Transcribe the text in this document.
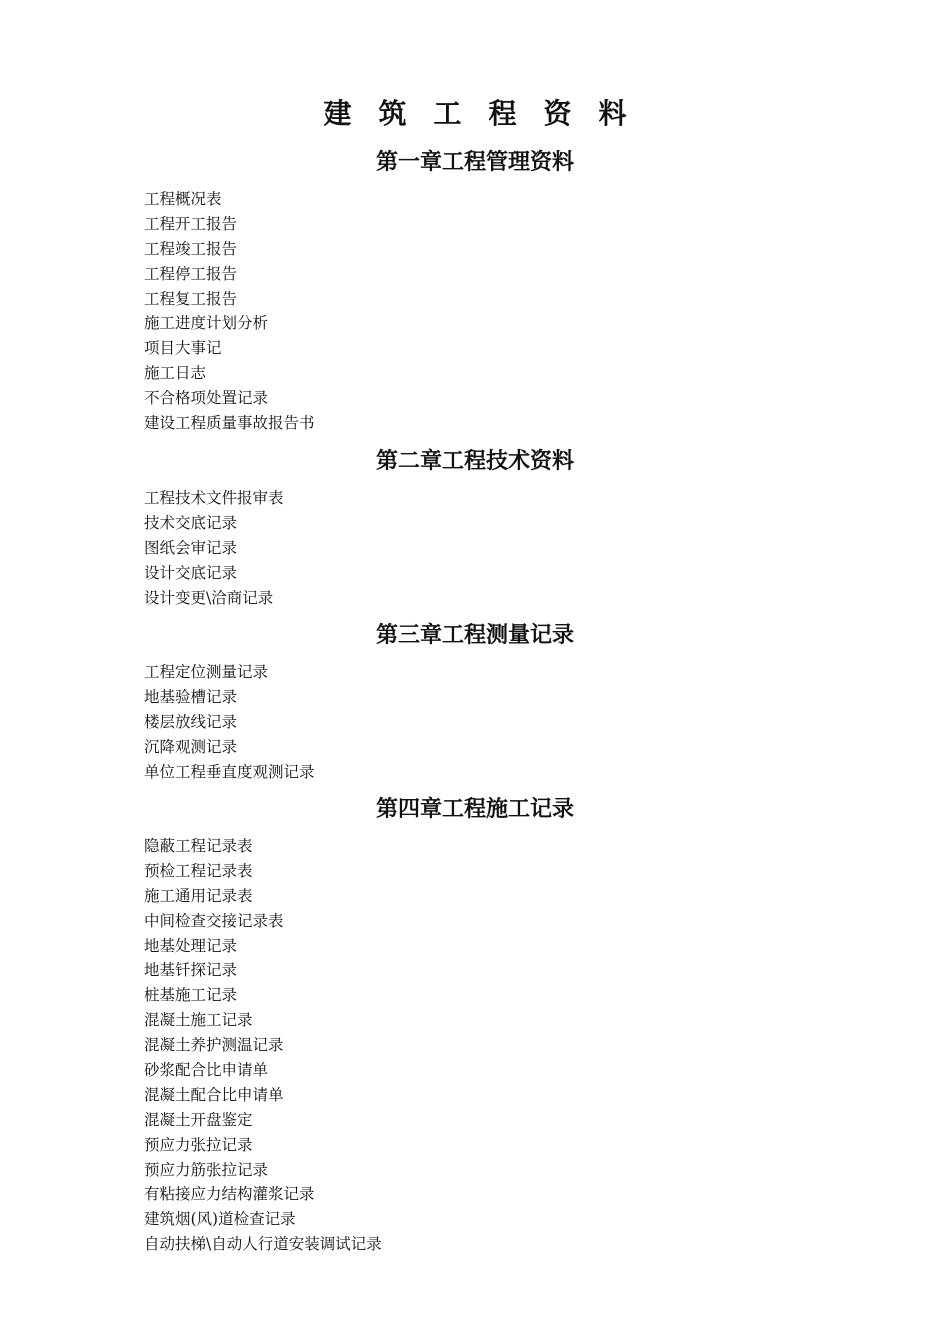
建筑工程资料
第一章工程管理资料
工程概况表
工程开工报告
工程竣工报告
工程停工报告
工程复工报告
施工进度计划分析
项目大事记
施工日志
不合格项处置记录
建设工程质量事故报告书
第二章工程技术资料
工程技术文件报审表
技术交底记录
图纸会审记录
设计交底记录
设计变更\洽商记录
第三章工程测量记录
工程定位测量记录
地基验槽记录
楼层放线记录
沉降观测记录
单位工程垂直度观测记录
第四章工程施工记录
隐蔽工程记录表
预检工程记录表
施工通用记录表
中间检查交接记录表
地基处理记录
地基钎探记录
桩基施工记录
混凝土施工记录
混凝土养护测温记录
砂浆配合比申请单
混凝土配合比申请单
混凝土开盘鉴定
预应力张拉记录
预应力筋张拉记录
有粘接应力结构灌浆记录
建筑烟(风)道检查记录
自动扶梯\自动人行道安装调试记录
